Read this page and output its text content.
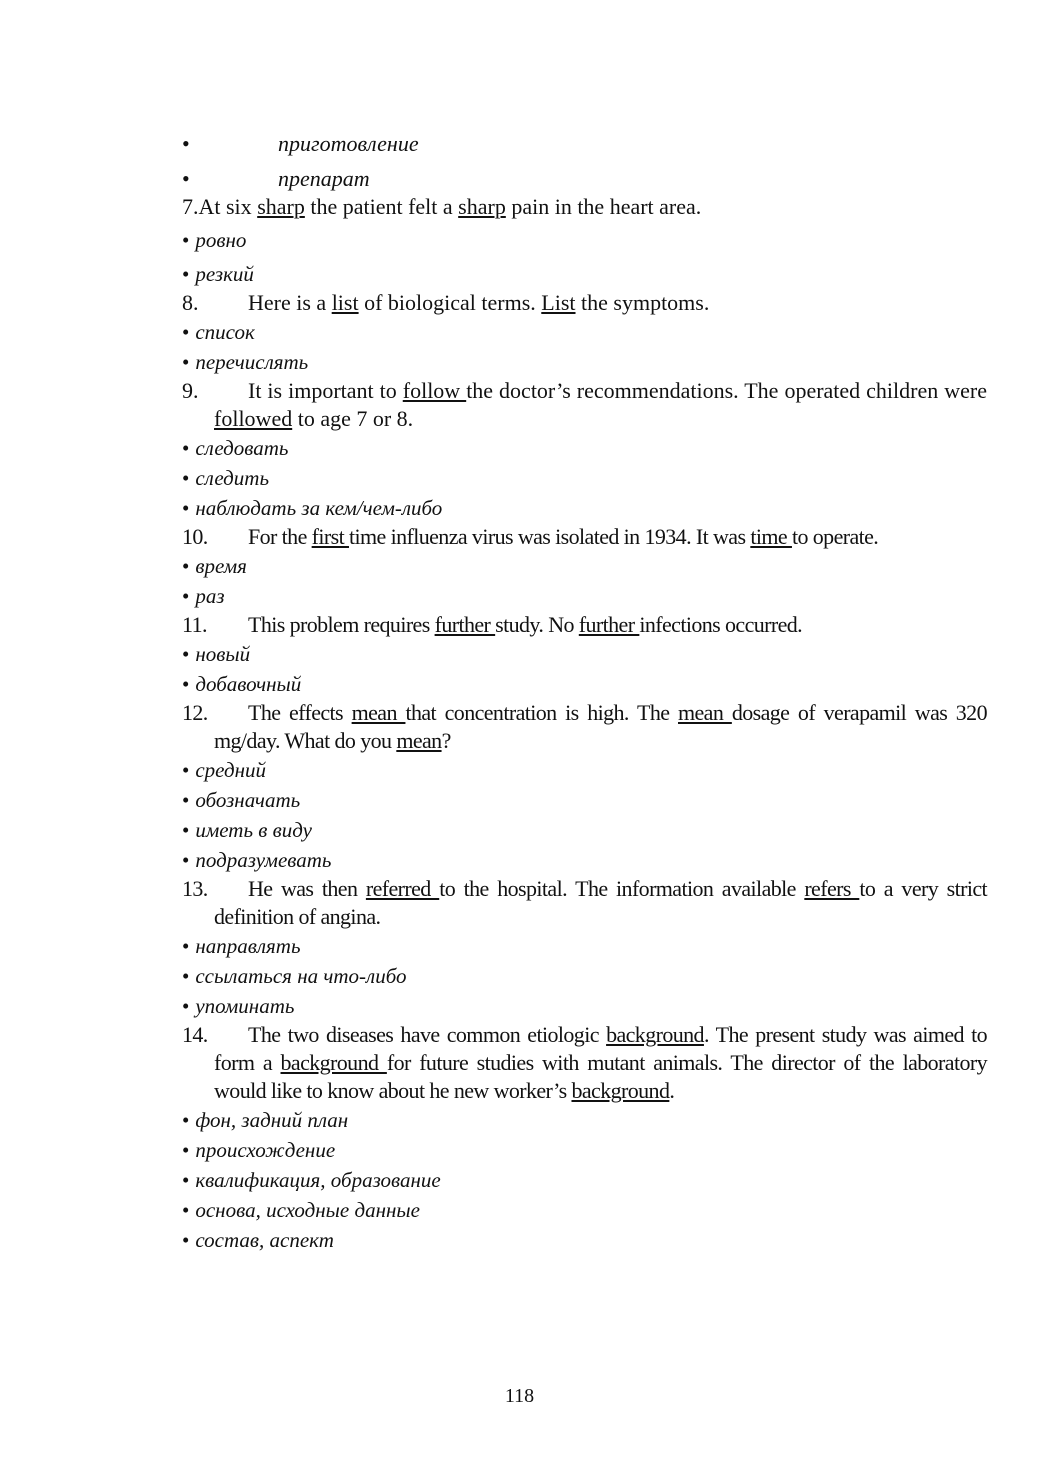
•	приготовление
•	препарат
7.At six sharp the patient felt a sharp pain in the heart area.
• ровно
• резкий
8. Here is a list of biological terms. List the symptoms.
• список
• перечислять
9. It is important to follow the doctor’s recommendations. The operated children were followed to age 7 or 8.
• следовать
• следить
• наблюдать за кем/чем-либо
10. For the first time influenza virus was isolated in 1934. It was time to operate.
• время
• раз
11. This problem requires further study. No further infections occurred.
• новый
• добавочный
12. The effects mean that concentration is high. The mean dosage of verapamil was 320 mg/day. What do you mean?
• средний
• обозначать
• иметь в виду
• подразумевать
13. He was then referred to the hospital. The information available refers to a very strict definition of angina.
• направлять
• ссылаться на что-либо
• упоминать
14. The two diseases have common etiologic background. The present study was aimed to form a background for future studies with mutant animals. The director of the laboratory would like to know about he new worker’s background.
• фон, задний план
• происхождение
• квалификация, образование
• основа, исходные данные
• состав, аспект
118
